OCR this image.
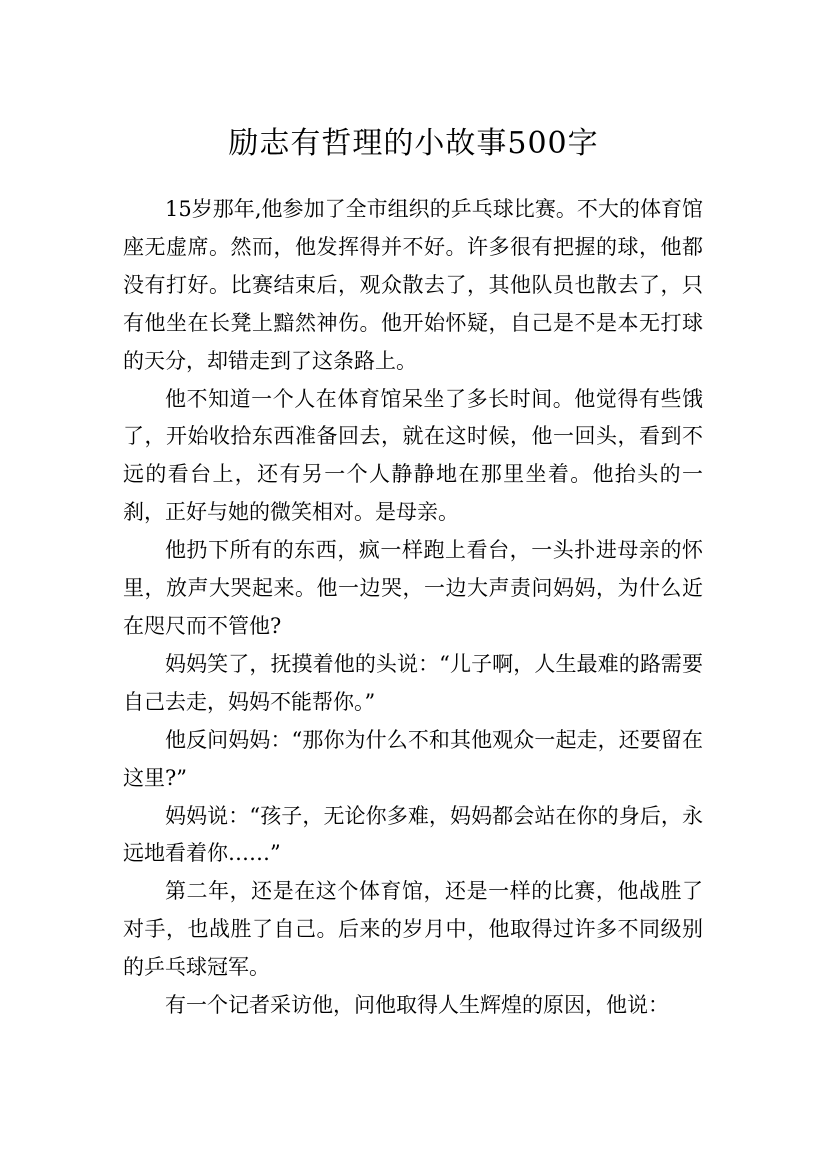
励志有哲理的小故事500字

15岁那年,他参加了全市组织的乒乓球比赛。不大的体育馆座无虚席。然而，他发挥得并不好。许多很有把握的球，他都没有打好。比赛结束后，观众散去了，其他队员也散去了，只有他坐在长凳上黯然神伤。他开始怀疑，自己是不是本无打球的天分，却错走到了这条路上。

他不知道一个人在体育馆呆坐了多长时间。他觉得有些饿了，开始收拾东西准备回去，就在这时候，他一回头，看到不远的看台上，还有另一个人静静地在那里坐着。他抬头的一刹，正好与她的微笑相对。是母亲。

他扔下所有的东西，疯一样跑上看台，一头扑进母亲的怀里，放声大哭起来。他一边哭，一边大声责问妈妈，为什么近在咫尺而不管他?

妈妈笑了，抚摸着他的头说：“儿子啊，人生最难的路需要自己去走，妈妈不能帮你。”

他反问妈妈：“那你为什么不和其他观众一起走，还要留在这里?”

妈妈说：“孩子，无论你多难，妈妈都会站在你的身后，永远地看着你……”

第二年，还是在这个体育馆，还是一样的比赛，他战胜了对手，也战胜了自己。后来的岁月中，他取得过许多不同级别的乒乓球冠军。

有一个记者采访他，问他取得人生辉煌的原因，他说：
